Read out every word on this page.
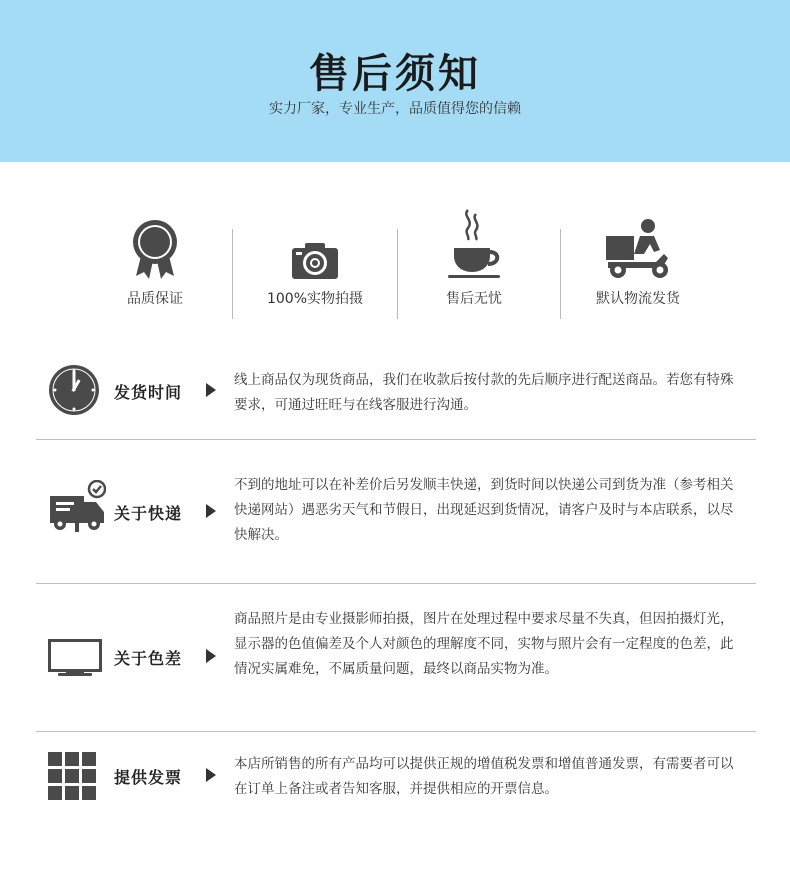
售后须知
实力厂家，专业生产，品质值得您的信赖
品质保证	100%实物拍摄	售后无忧	默认物流发货
发货时间
线上商品仅为现货商品，我们在收款后按付款的先后顺序进行配送商品。若您有特殊要求，可通过旺旺与在线客服进行沟通。
关于快递
不到的地址可以在补差价后另发顺丰快递，到货时间以快递公司到货为准（参考相关快递网站）遇恶劣天气和节假日，出现延迟到货情况，请客户及时与本店联系，以尽快解决。
关于色差
商品照片是由专业摄影师拍摄，图片在处理过程中要求尽量不失真，但因拍摄灯光，显示器的色值偏差及个人对颜色的理解度不同，实物与照片会有一定程度的色差，此情况实属难免，不属质量问题，最终以商品实物为准。
提供发票
本店所销售的所有产品均可以提供正规的增值税发票和增值普通发票，有需要者可以在订单上备注或者告知客服，并提供相应的开票信息。
